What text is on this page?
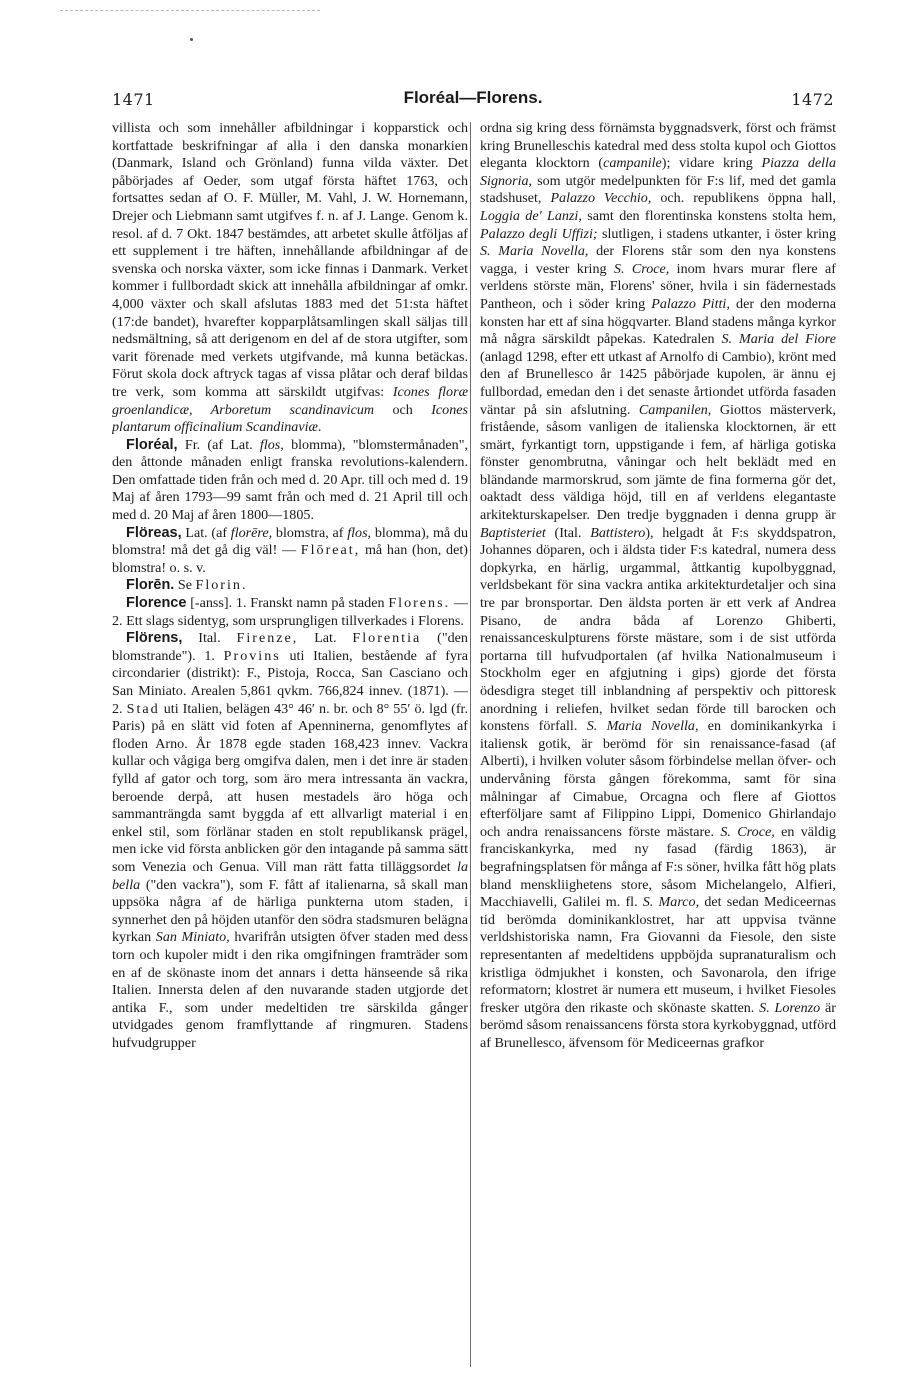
1471	Floréal—Florens.	1472

villista och som innehåller afbildningar i kopparstick och kortfattade beskrifningar af alla i den danska monarkien (Danmark, Island och Grönland) funna vilda växter. Det påbörjades af Oeder, som utgaf första häftet 1763, och fortsattes sedan af O. F. Müller, M. Vahl, J. W. Hornemann, Drejer och Liebmann samt utgifves f. n. af J. Lange. Genom k. resol. af d. 7 Okt. 1847 bestämdes, att arbetet skulle åtföljas af ett supplement i tre häften, innehållande afbildningar af de svenska och norska växter, som icke finnas i Danmark. Verket kommer i fullbordadt skick att innehålla afbildningar af omkr. 4,000 växter och skall afslutas 1883 med det 51:sta häftet (17:de bandet), hvarefter kopparplåtsamlingen skall säljas till nedsmältning, så att derigenom en del af de stora utgifter, som varit förenade med verkets utgifvande, må kunna betäckas. Förut skola dock aftryck tagas af vissa plåtar och deraf bildas tre verk, som komma att särskildt utgifvas: Icones floræ groenlandicæ, Arboretum scandinavicum och Icones plantarum officinalium Scandinaviæ.

Floréal, Fr. (af Lat. flos, blomma), "blomstermånaden", den åttonde månaden enligt franska revolutions-kalendern. Den omfattade tiden från och med d. 20 Apr. till och med d. 19 Maj af åren 1793—99 samt från och med d. 21 April till och med d. 20 Maj af åren 1800—1805.

Flöreas, Lat. (af florēre, blomstra, af flos, blomma), må du blomstra! må det gå dig väl! — Flōreat, må han (hon, det) blomstra! o. s. v.

Florēn. Se Florin.

Florence [-anss]. 1. Franskt namn på staden Florens. — 2. Ett slags sidentyg, som ursprungligen tillverkades i Florens.

Flörens, Ital. Firenze, Lat. Florentia ("den blomstrande"). 1. Provins uti Italien, bestående af fyra circondarier (distrikt): F., Pistoja, Rocca, San Casciano och San Miniato. Arealen 5,861 qvkm. 766,824 innev. (1871). — 2. Stad uti Italien, belägen 43° 46′ n. br. och 8° 55′ ö. lgd (fr. Paris) på en slätt vid foten af Apenninerna, genomflytes af floden Arno. År 1878 egde staden 168,423 innev. Vackra kullar och vågiga berg omgifva dalen, men i det inre är staden fylld af gator och torg, som äro mera intressanta än vackra, beroende derpå, att husen mestadels äro höga och sammanträngda samt byggda af ett allvarligt material i en enkel stil, som förlänar staden en stolt republikansk prägel, men icke vid första anblicken gör den intagande på samma sätt som Venezia och Genua. Vill man rätt fatta tilläggsordet la bella ("den vackra"), som F. fått af italienarna, så skall man uppsöka några af de härliga punkterna utom staden, i synnerhet den på höjden utanför den södra stadsmuren belägna kyrkan San Miniato, hvarifrån utsigten öfver staden med dess torn och kupoler midt i den rika omgifningen framträder som en af de skönaste inom det annars i detta hänseende så rika Italien. Innersta delen af den nuvarande staden utgjorde det antika F., som under medeltiden tre särskilda gånger utvidgades genom framflyttande af ringmuren. Stadens hufvudgrupper

ordna sig kring dess förnämsta byggnadsverk, först och främst kring Brunelleschis katedral med dess stolta kupol och Giottos eleganta klocktorn (campanile); vidare kring Piazza della Signoria, som utgör medelpunkten för F:s lif, med det gamla stadshuset, Palazzo Vecchio, och. republikens öppna hall, Loggia de' Lanzi, samt den florentinska konstens stolta hem, Palazzo degli Uffizi; slutligen, i stadens utkanter, i öster kring S. Maria Novella, der Florens står som den nya konstens vagga, i vester kring S. Croce, inom hvars murar flere af verldens störste män, Florens' söner, hvila i sin fädernestads Pantheon, och i söder kring Palazzo Pitti, der den moderna konsten har ett af sina högqvarter. Bland stadens många kyrkor må några särskildt påpekas. Katedralen S. Maria del Fiore (anlagd 1298, efter ett utkast af Arnolfo di Cambio), krönt med den af Brunellesco år 1425 påbörjade kupolen, är ännu ej fullbordad, emedan den i det senaste årtiondet utförda fasaden väntar på sin afslutning. Campanilen, Giottos mästerverk, fristående, såsom vanligen de italienska klocktornen, är ett smärt, fyrkantigt torn, uppstigande i fem, af härliga gotiska fönster genombrutna, våningar och helt beklädt med en bländande marmorskrud, som jämte de fina formerna gör det, oaktadt dess väldiga höjd, till en af verldens elegantaste arkitekturskapelser. Den tredje byggnaden i denna grupp är Baptisteriet (Ital. Battistero), helgadt åt F:s skyddspatron, Johannes döparen, och i äldsta tider F:s katedral, numera dess dopkyrka, en härlig, urgammal, åttkantig kupolbyggnad, verldsbekant för sina vackra antika arkitekturdetaljer och sina tre par bronsportar. Den äldsta porten är ett verk af Andrea Pisano, de andra båda af Lorenzo Ghiberti, renaissanceskulpturens förste mästare, som i de sist utförda portarna till hufvudportalen (af hvilka Nationalmuseum i Stockholm eger en afgjutning i gips) gjorde det första ödesdigra steget till inblandning af perspektiv och pittoresk anordning i reliefen, hvilket sedan förde till barocken och konstens förfall. S. Maria Novella, en dominikankyrka i italiensk gotik, är berömd för sin renaissance-fasad (af Alberti), i hvilken voluter såsom förbindelse mellan öfver- och undervåning första gången förekomma, samt för sina målningar af Cimabue, Orcagna och flere af Giottos efterföljare samt af Filippino Lippi, Domenico Ghirlandajo och andra renaissancens förste mästare. S. Croce, en väldig franciskankyrka, med ny fasad (färdig 1863), är begrafningsplatsen för många af F:s söner, hvilka fått hög plats bland menskliighetens store, såsom Michelangelo, Alfieri, Macchiavelli, Galilei m. fl. S. Marco, det sedan Mediceernas tid berömda dominikanklostret, har att uppvisa tvänne verldshistoriska namn, Fra Giovanni da Fiesole, den siste representanten af medeltidens uppböjda supranaturalism och kristliga ödmjukhet i konsten, och Savonarola, den ifrige reformatorn; klostret är numera ett museum, i hvilket Fiesoles fresker utgöra den rikaste och skönaste skatten. S. Lorenzo är berömd såsom renaissancens första stora kyrkobyggnad, utförd af Brunellesco, äfvensom för Mediceernas grafkor
